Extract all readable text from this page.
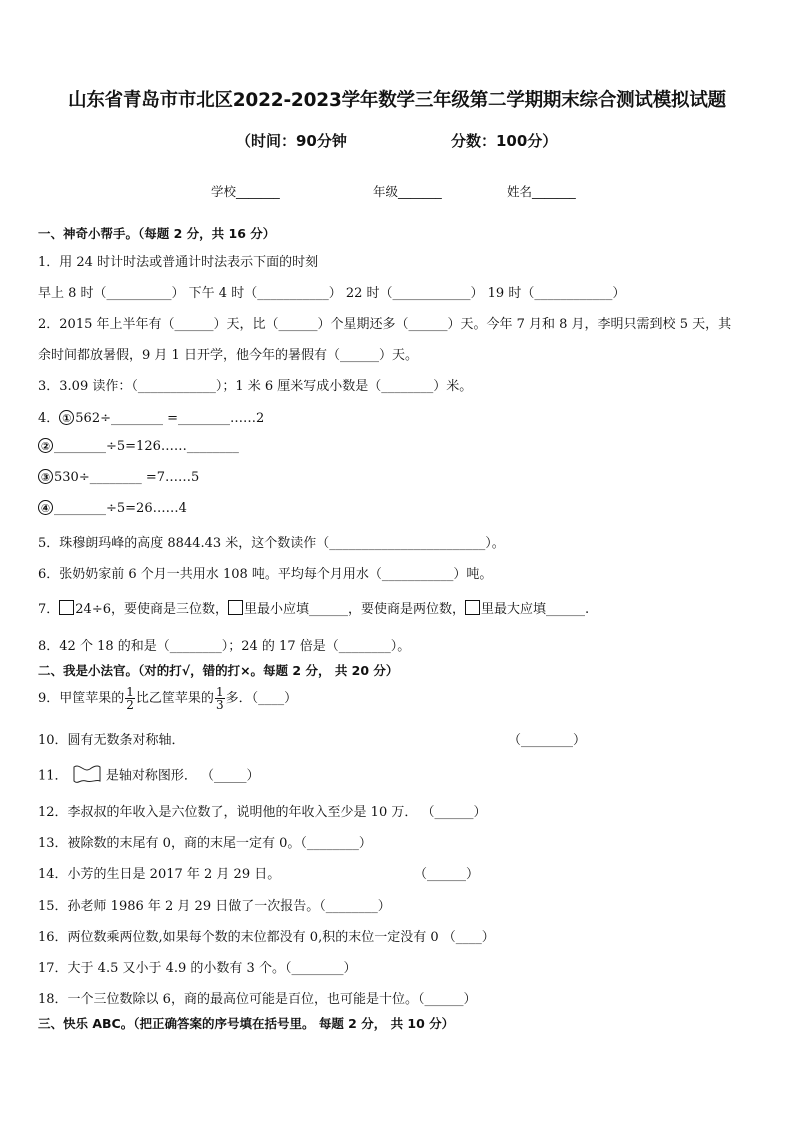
山东省青岛市市北区2022-2023学年数学三年级第二学期期末综合测试模拟试题
（时间：90分钟	分数：100分）
学校_______	年级_______	姓名_______
一、神奇小帮手。（每题 2 分，共 16 分）
1．用 24 时计时法或普通计时法表示下面的时刻
早上 8 时（__________） 下午 4 时（___________） 22 时（____________） 19 时（____________）
2．2015 年上半年有（______）天，比（______）个星期还多（______）天。今年 7 月和 8 月，李明只需到校 5 天，其
余时间都放暑假，9 月 1 日开学，他今年的暑假有（______）天。
3．3.09 读作：（____________）；1 米 6 厘米写成小数是（________）米。
4． ① 562÷________ =________……2
② ________÷5=126……________
③ 530÷________ =7……5
④ ________÷5=26……4
5．珠穆朗玛峰的高度 8844.43 米，这个数读作（________________________）。
6．张奶奶家前 6 个月一共用水 108 吨。平均每个月用水（___________）吨。
7． 24÷6，要使商是三位数， 里最小应填______，要使商是两位数， 里最大应填______.
8．42 个 18 的和是（________）；24 的 17 倍是（________）。
二、我是小法官。（对的打√，错的打×。每题 2 分， 共 20 分）
9．甲筐苹果的 $\frac{1}{2}$ 比乙筐苹果的 $\frac{1}{3}$ 多．（____）
10．圆有无数条对称轴．	（________）
11．	是轴对称图形． （_____）
12．李叔叔的年收入是六位数了，说明他的年收入至少是 10 万． （______）
13．被除数的末尾有 0，商的末尾一定有 0。（________）
14．小芳的生日是 2017 年 2 月 29 日。	（______）
15．孙老师 1986 年 2 月 29 日做了一次报告。（________）
16．两位数乘两位数,如果每个数的末位都没有 0,积的末位一定没有 0 （____）
17．大于 4.5 又小于 4.9 的小数有 3 个。（________）
18．一个三位数除以 6，商的最高位可能是百位，也可能是十位。（______）
三、快乐 ABC。（把正确答案的序号填在括号里。 每题 2 分， 共 10 分）
